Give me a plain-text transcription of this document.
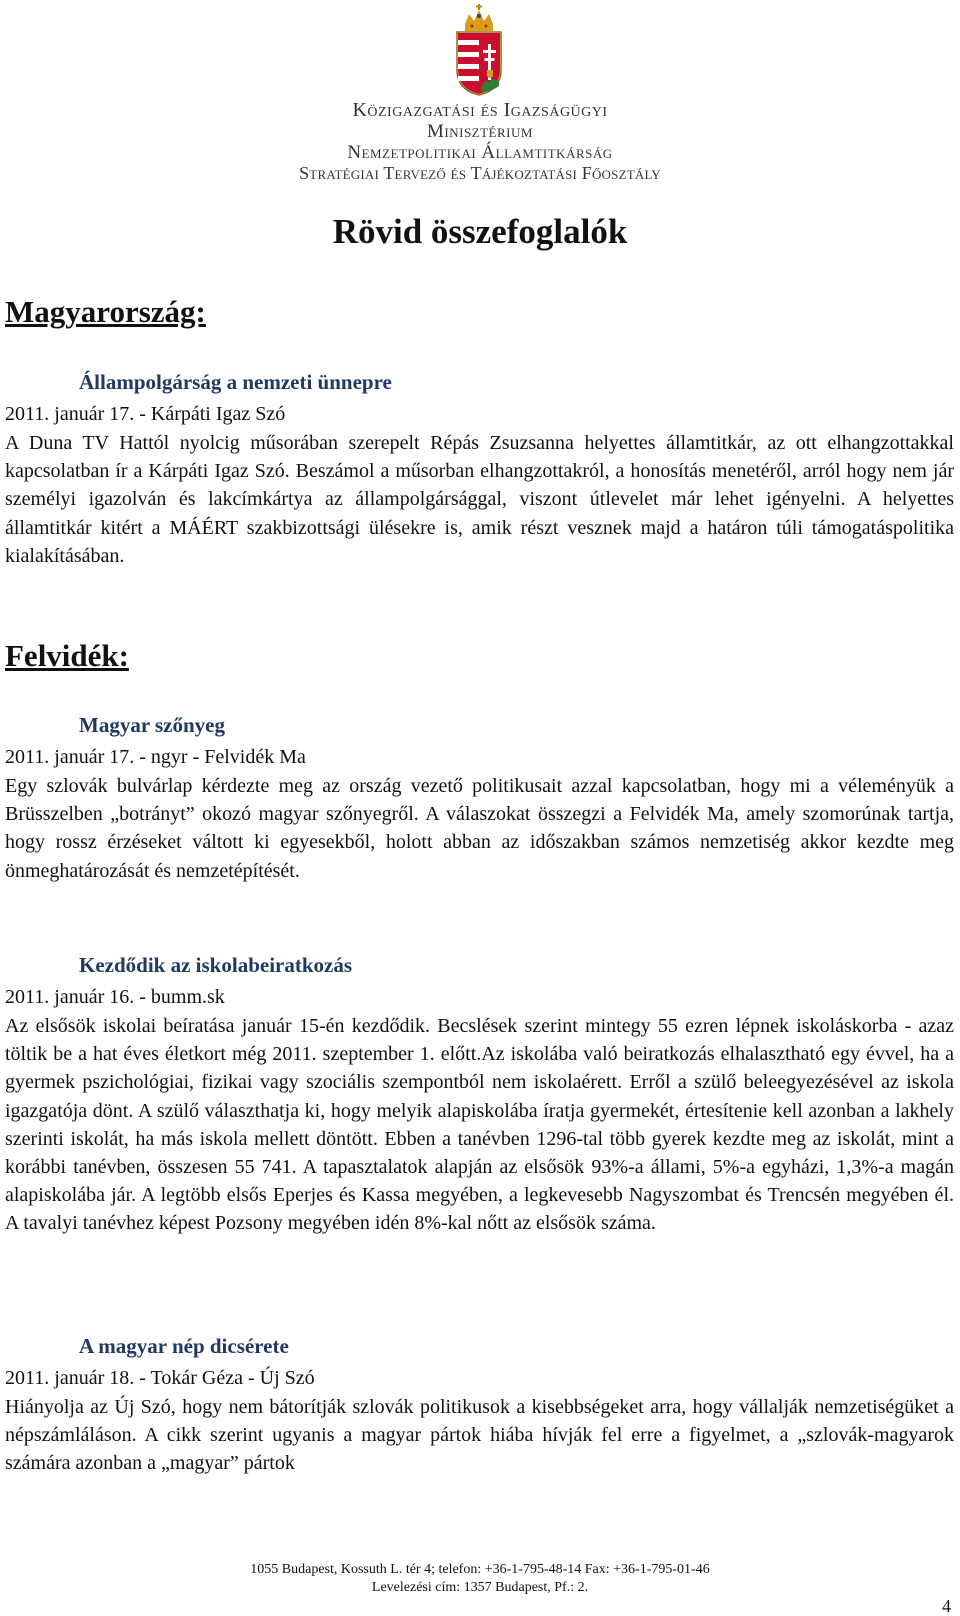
Közigazgatási és Igazságügyi
Minisztérium
Nemzetpolitikai Államtitkárság
Stratégiai Tervező és Tájékoztatási Főosztály
Rövid összefoglalók
Magyarország:
Állampolgárság a nemzeti ünnepre
2011. január 17. - Kárpáti Igaz Szó

A Duna TV Hattól nyolcig műsorában szerepelt Répás Zsuzsanna helyettes államtitkár, az ott elhangzottakkal kapcsolatban ír a Kárpáti Igaz Szó. Beszámol a műsorban elhangzottakról, a honosítás menetéről, arról hogy nem jár személyi igazolván és lakcímkártya az állampolgársággal, viszont útlevelet már lehet igényelni. A helyettes államtitkár kitért a MÁÉRT szakbizottsági ülésekre is, amik részt vesznek majd a határon túli támogatáspolitika kialakításában.

Felvidék:
Magyar szőnyeg
2011. január 17. - ngyr - Felvidék Ma

Egy szlovák bulvárlap kérdezte meg az ország vezető politikusait azzal kapcsolatban, hogy mi a véleményük a Brüsszelben „botrányt” okozó magyar szőnyegről. A válaszokat összegzi a Felvidék Ma, amely szomorúnak tartja, hogy rossz érzéseket váltott ki egyesekből, holott abban az időszakban számos nemzetiség akkor kezdte meg önmeghatározását és nemzetépítését.

Kezdődik az iskolabeiratkozás
2011. január 16. - bumm.sk

Az elsősök iskolai beíratása január 15-én kezdődik. Becslések szerint mintegy 55 ezren lépnek iskoláskorba - azaz töltik be a hat éves életkort még 2011. szeptember 1. előtt.Az iskolába való beiratkozás elhalasztható egy évvel, ha a gyermek pszichológiai, fizikai vagy szociális szempontból nem iskolaérett. Erről a szülő beleegyezésével az iskola igazgatója dönt. A szülő választhatja ki, hogy melyik alapiskolába íratja gyermekét, értesítenie kell azonban a lakhely szerinti iskolát, ha más iskola mellett döntött. Ebben a tanévben 1296-tal több gyerek kezdte meg az iskolát, mint a korábbi tanévben, összesen 55 741. A tapasztalatok alapján az elsősök 93%-a állami, 5%-a egyházi, 1,3%-a magán alapiskolába jár. A legtöbb elsős Eperjes és Kassa megyében, a legkevesebb Nagyszombat és Trencsén megyében él. A tavalyi tanévhez képest Pozsony megyében idén 8%-kal nőtt az elsősök száma.

A magyar nép dicsérete
2011. január 18. - Tokár Géza - Új Szó

Hiányolja az Új Szó, hogy nem bátorítják szlovák politikusok a kisebbségeket arra, hogy vállalják nemzetiségüket a népszámláláson. A cikk szerint ugyanis a magyar pártok hiába hívják fel erre a figyelmet, a „szlovák-magyarok számára azonban a „magyar” pártok

1055 Budapest, Kossuth L. tér 4; telefon: +36-1-795-48-14 Fax: +36-1-795-01-46
Levelezési cím: 1357 Budapest, Pf.: 2.
4
